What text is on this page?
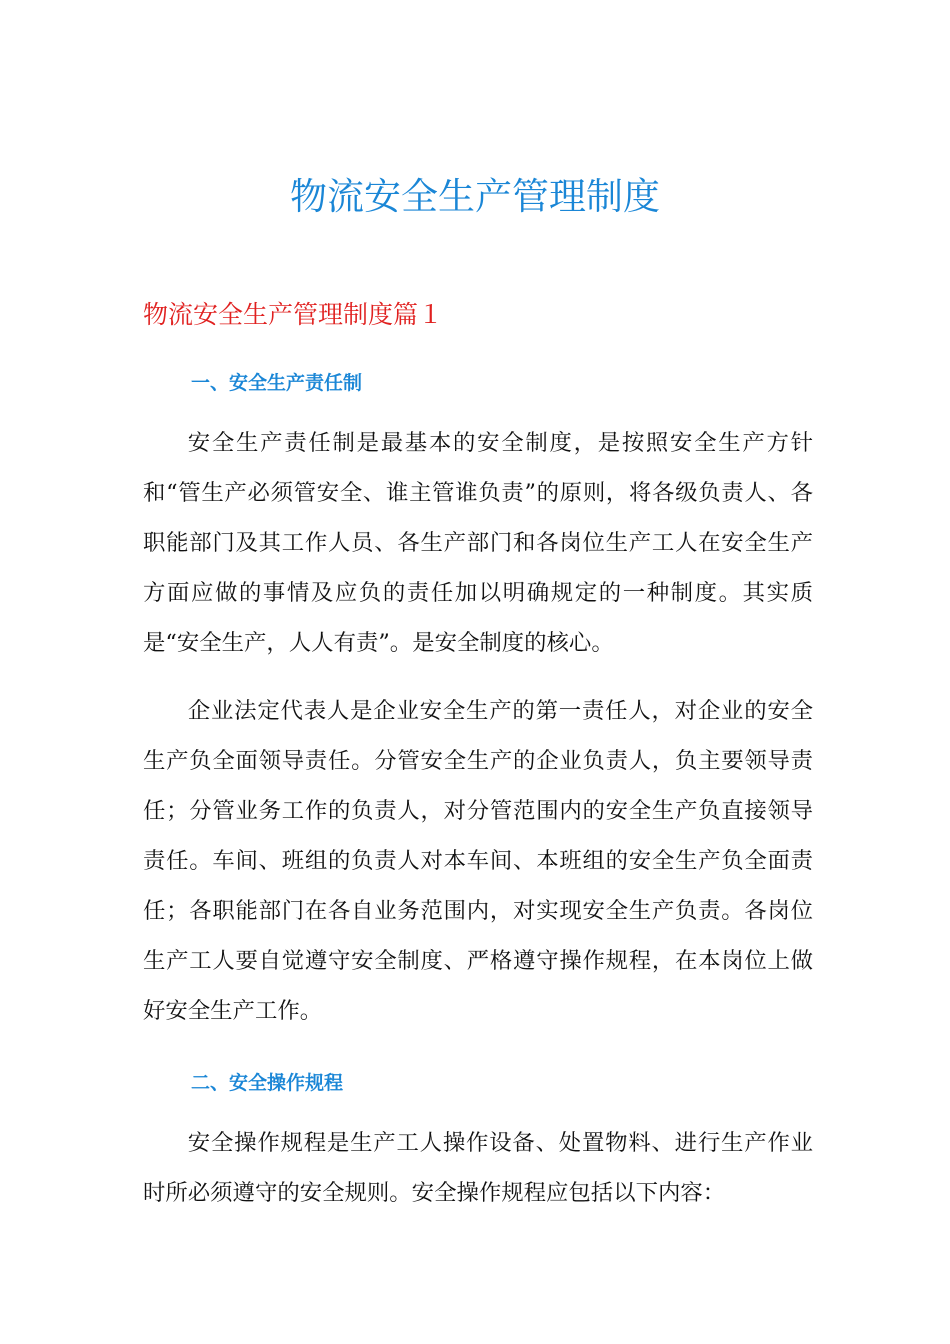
物流安全生产管理制度
物流安全生产管理制度篇１
一、安全生产责任制

安全生产责任制是最基本的安全制度，是按照安全生产方针和“管生产必须管安全、谁主管谁负责”的原则，将各级负责人、各职能部门及其工作人员、各生产部门和各岗位生产工人在安全生产方面应做的事情及应负的责任加以明确规定的一种制度。其实质是“安全生产，人人有责”。是安全制度的核心。

企业法定代表人是企业安全生产的第一责任人，对企业的安全生产负全面领导责任。分管安全生产的企业负责人，负主要领导责任；分管业务工作的负责人，对分管范围内的安全生产负直接领导责任。车间、班组的负责人对本车间、本班组的安全生产负全面责任；各职能部门在各自业务范围内，对实现安全生产负责。各岗位生产工人要自觉遵守安全制度、严格遵守操作规程，在本岗位上做好安全生产工作。

二、安全操作规程

安全操作规程是生产工人操作设备、处置物料、进行生产作业时所必须遵守的安全规则。安全操作规程应包括以下内容：
